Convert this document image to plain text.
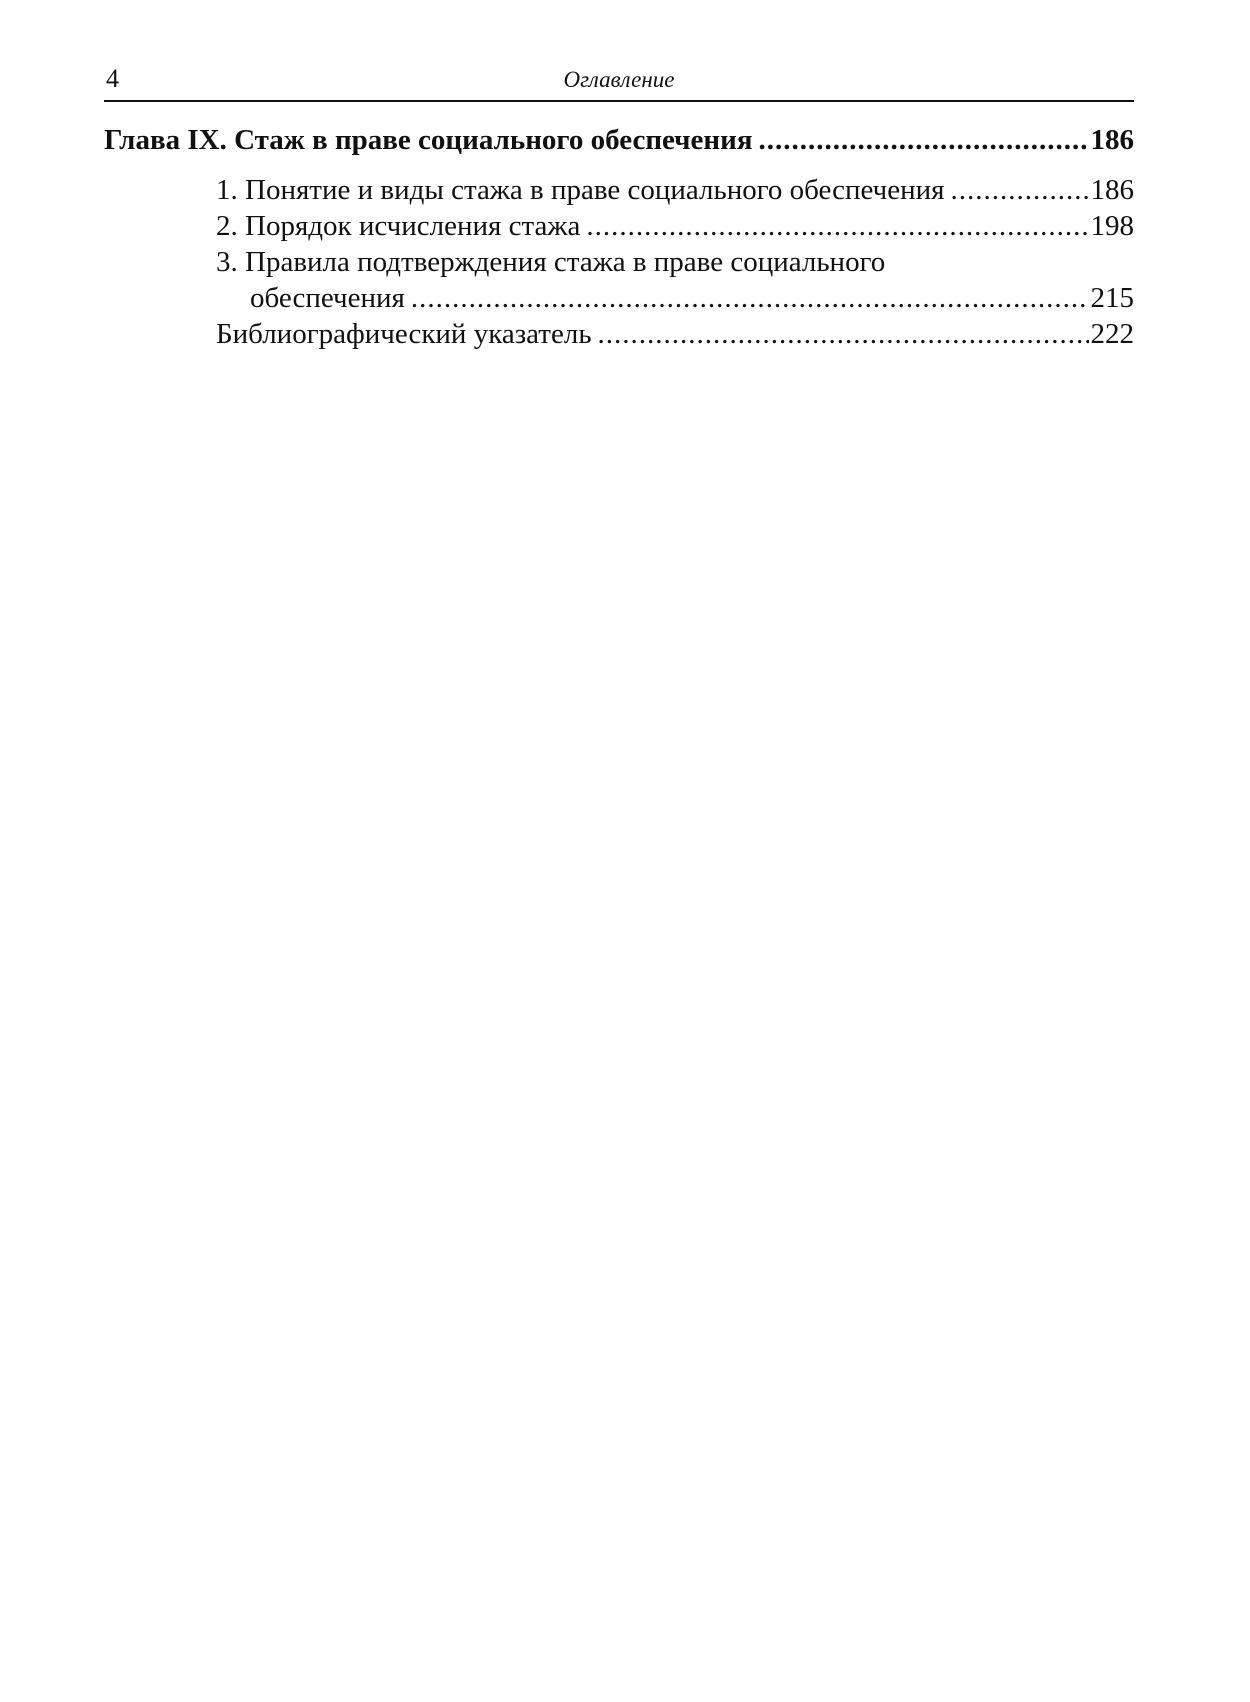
4	Оглавление
Глава IX. Стаж в праве социального обеспечения .....	186
1. Понятие и виды стажа в праве социального обеспечения .....	186
2. Порядок исчисления стажа .....	198
3. Правила подтверждения стажа в праве социального
обеспечения .....	215
Библиографический указатель .....	222
